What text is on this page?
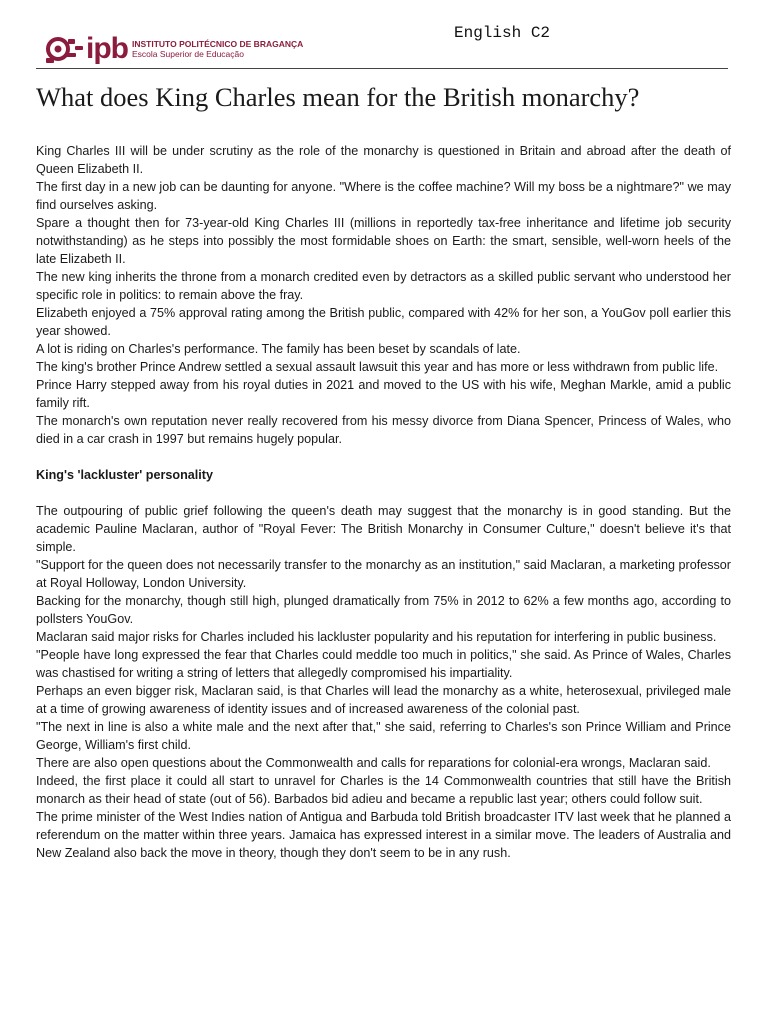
ipb INSTITUTO POLITÉCNICO DE BRAGANÇA
Escola Superior de Educação
English C2
What does King Charles mean for the British monarchy?

King Charles III will be under scrutiny as the role of the monarchy is questioned in Britain and abroad after the death of Queen Elizabeth II.

The first day in a new job can be daunting for anyone. "Where is the coffee machine? Will my boss be a nightmare?" we may find ourselves asking.

Spare a thought then for 73-year-old King Charles III (millions in reportedly tax-free inheritance and lifetime job security notwithstanding) as he steps into possibly the most formidable shoes on Earth: the smart, sensible, well-worn heels of the late Elizabeth II.

The new king inherits the throne from a monarch credited even by detractors as a skilled public servant who understood her specific role in politics: to remain above the fray.

Elizabeth enjoyed a 75% approval rating among the British public, compared with 42% for her son, a YouGov poll earlier this year showed.

A lot is riding on Charles's performance. The family has been beset by scandals of late.

The king's brother Prince Andrew settled a sexual assault lawsuit this year and has more or less withdrawn from public life.

Prince Harry stepped away from his royal duties in 2021 and moved to the US with his wife, Meghan Markle, amid a public family rift.

The monarch's own reputation never really recovered from his messy divorce from Diana Spencer, Princess of Wales, who died in a car crash in 1997 but remains hugely popular.

King's 'lackluster' personality

The outpouring of public grief following the queen's death may suggest that the monarchy is in good standing. But the academic Pauline Maclaran, author of "Royal Fever: The British Monarchy in Consumer Culture," doesn't believe it's that simple.

"Support for the queen does not necessarily transfer to the monarchy as an institution," said Maclaran, a marketing professor at Royal Holloway, London University.

Backing for the monarchy, though still high, plunged dramatically from 75% in 2012 to 62% a few months ago, according to pollsters YouGov.

Maclaran said major risks for Charles included his lackluster popularity and his reputation for interfering in public business.

"People have long expressed the fear that Charles could meddle too much in politics," she said. As Prince of Wales, Charles was chastised for writing a string of letters that allegedly compromised his impartiality.

Perhaps an even bigger risk, Maclaran said, is that Charles will lead the monarchy as a white, heterosexual, privileged male at a time of growing awareness of identity issues and of increased awareness of the colonial past.

"The next in line is also a white male and the next after that," she said, referring to Charles's son Prince William and Prince George, William's first child.

There are also open questions about the Commonwealth and calls for reparations for colonial-era wrongs, Maclaran said.

Indeed, the first place it could all start to unravel for Charles is the 14 Commonwealth countries that still have the British monarch as their head of state (out of 56). Barbados bid adieu and became a republic last year; others could follow suit.

The prime minister of the West Indies nation of Antigua and Barbuda told British broadcaster ITV last week that he planned a referendum on the matter within three years. Jamaica has expressed interest in a similar move. The leaders of Australia and New Zealand also back the move in theory, though they don't seem to be in any rush.
